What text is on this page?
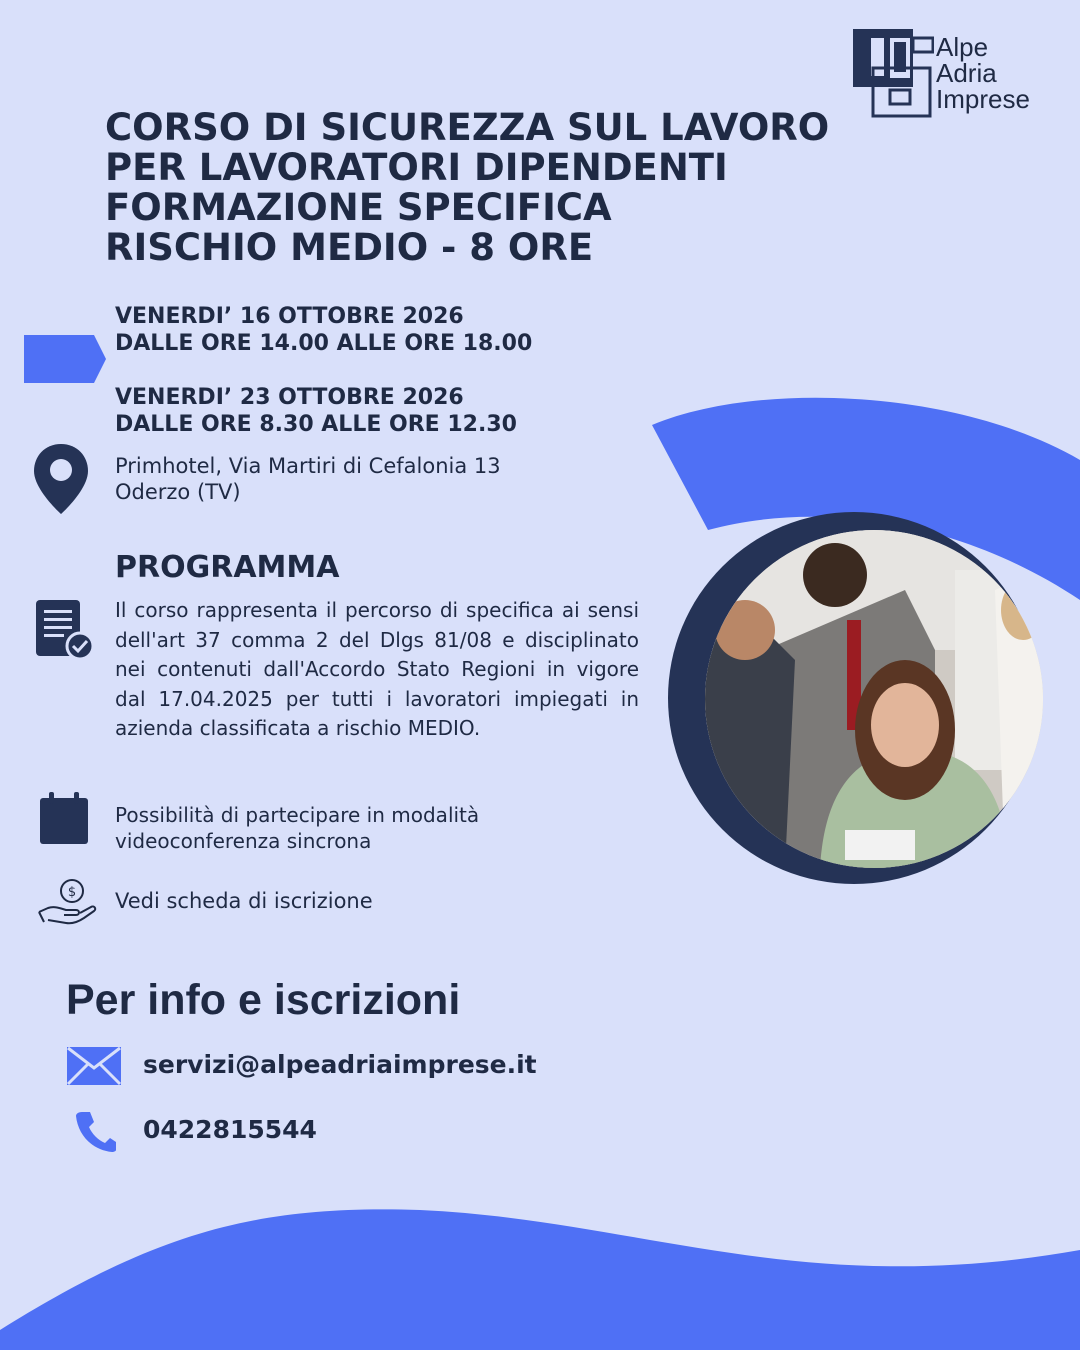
Alpe
Adria
Imprese
CORSO DI SICUREZZA SUL LAVORO
PER LAVORATORI DIPENDENTI
FORMAZIONE SPECIFICA
RISCHIO MEDIO - 8 ORE
VENERDI’ 16 OTTOBRE 2026
DALLE ORE 14.00 ALLE ORE 18.00
VENERDI’ 23 OTTOBRE 2026
DALLE ORE 8.30 ALLE ORE 12.30
Primhotel, Via Martiri di Cefalonia 13
Oderzo (TV)
PROGRAMMA
Il corso rappresenta il percorso di specifica ai sensi dell'art 37 comma 2 del Dlgs 81/08 e disciplinato nei contenuti dall'Accordo Stato Regioni in vigore dal 17.04.2025 per tutti i lavoratori impiegati in azienda classificata a rischio MEDIO.
Possibilità di partecipare in modalità
videoconferenza sincrona
$ Vedi scheda di iscrizione
Per info e iscrizioni
servizi@alpeadriaimprese.it
0422815544
